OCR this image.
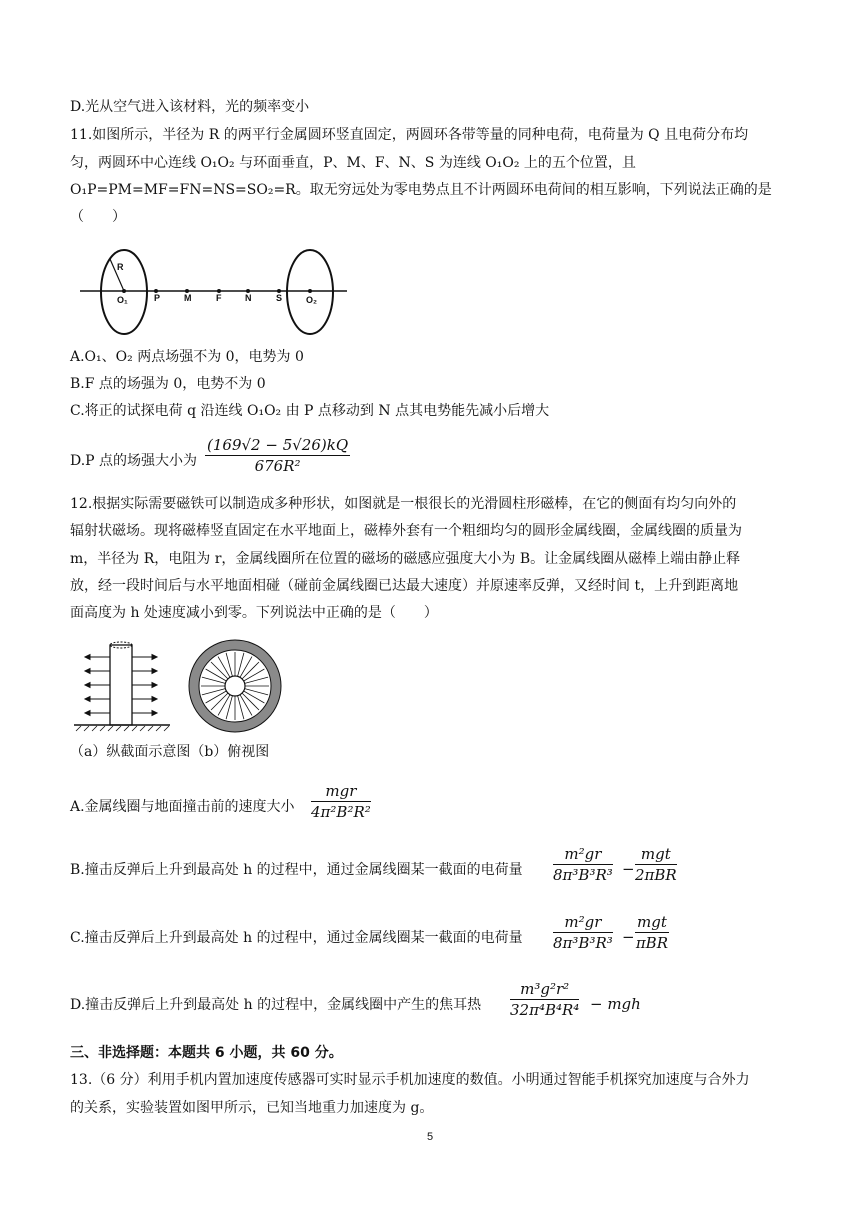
D.光从空气进入该材料，光的频率变小
11.如图所示，半径为 R 的两平行金属圆环竖直固定，两圆环各带等量的同种电荷，电荷量为 Q 且电荷分布均
匀，两圆环中心连线 O₁O₂ 与环面垂直，P、M、F、N、S 为连线 O₁O₂ 上的五个位置，且
O₁P=PM=MF=FN=NS=SO₂=R。取无穷远处为零电势点且不计两圆环电荷间的相互影响，下列说法正确的是
（　　）
R
O₁	P	M	F	N	S	O₂
A.O₁、O₂ 两点场强不为 0，电势为 0
B.F 点的场强为 0，电势不为 0
C.将正的试探电荷 q 沿连线 O₁O₂ 由 P 点移动到 N 点其电势能先减小后增大
D.P 点的场强大小为 $\frac{(169√2 - 5√26)kQ}{\text{676R²}}$
12.根据实际需要磁铁可以制造成多种形状，如图就是一根很长的光滑圆柱形磁棒，在它的侧面有均匀向外的
辐射状磁场。现将磁棒竖直固定在水平地面上，磁棒外套有一个粗细均匀的圆形金属线圈，金属线圈的质量为
m，半径为 R，电阻为 r，金属线圈所在位置的磁场的磁感应强度大小为 B。让金属线圈从磁棒上端由静止释
放，经一段时间后与水平地面相碰（碰前金属线圈已达最大速度）并原速率反弹，又经时间 t，上升到距离地
面高度为 h 处速度减小到零。下列说法中正确的是（　　）
（a）纵截面示意图（b）俯视图
A.金属线圈与地面撞击前的速度大小
mgr
4π²B²R²
B.撞击反弹后上升到最高处 h 的过程中，通过金属线圈某一截面的电荷量 $\frac{\text{m²gr}}{\text{8π³B³R³}}$ −
mgt
2πBR
C.撞击反弹后上升到最高处 h 的过程中，通过金属线圈某一截面的电荷量 $\frac{\text{m²gr}}{\text{8π³B³R³}}$ −
mgt
πBR
D.撞击反弹后上升到最高处 h 的过程中，金属线圈中产生的焦耳热 $\frac{\text{m³g²r²}}{\text{32π⁴B⁴R⁴}}$ − mgh
三、非选择题：本题共 6 小题，共 60 分。
13.（6 分）利用手机内置加速度传感器可实时显示手机加速度的数值。小明通过智能手机探究加速度与合外力
的关系，实验装置如图甲所示，已知当地重力加速度为 g。
5
